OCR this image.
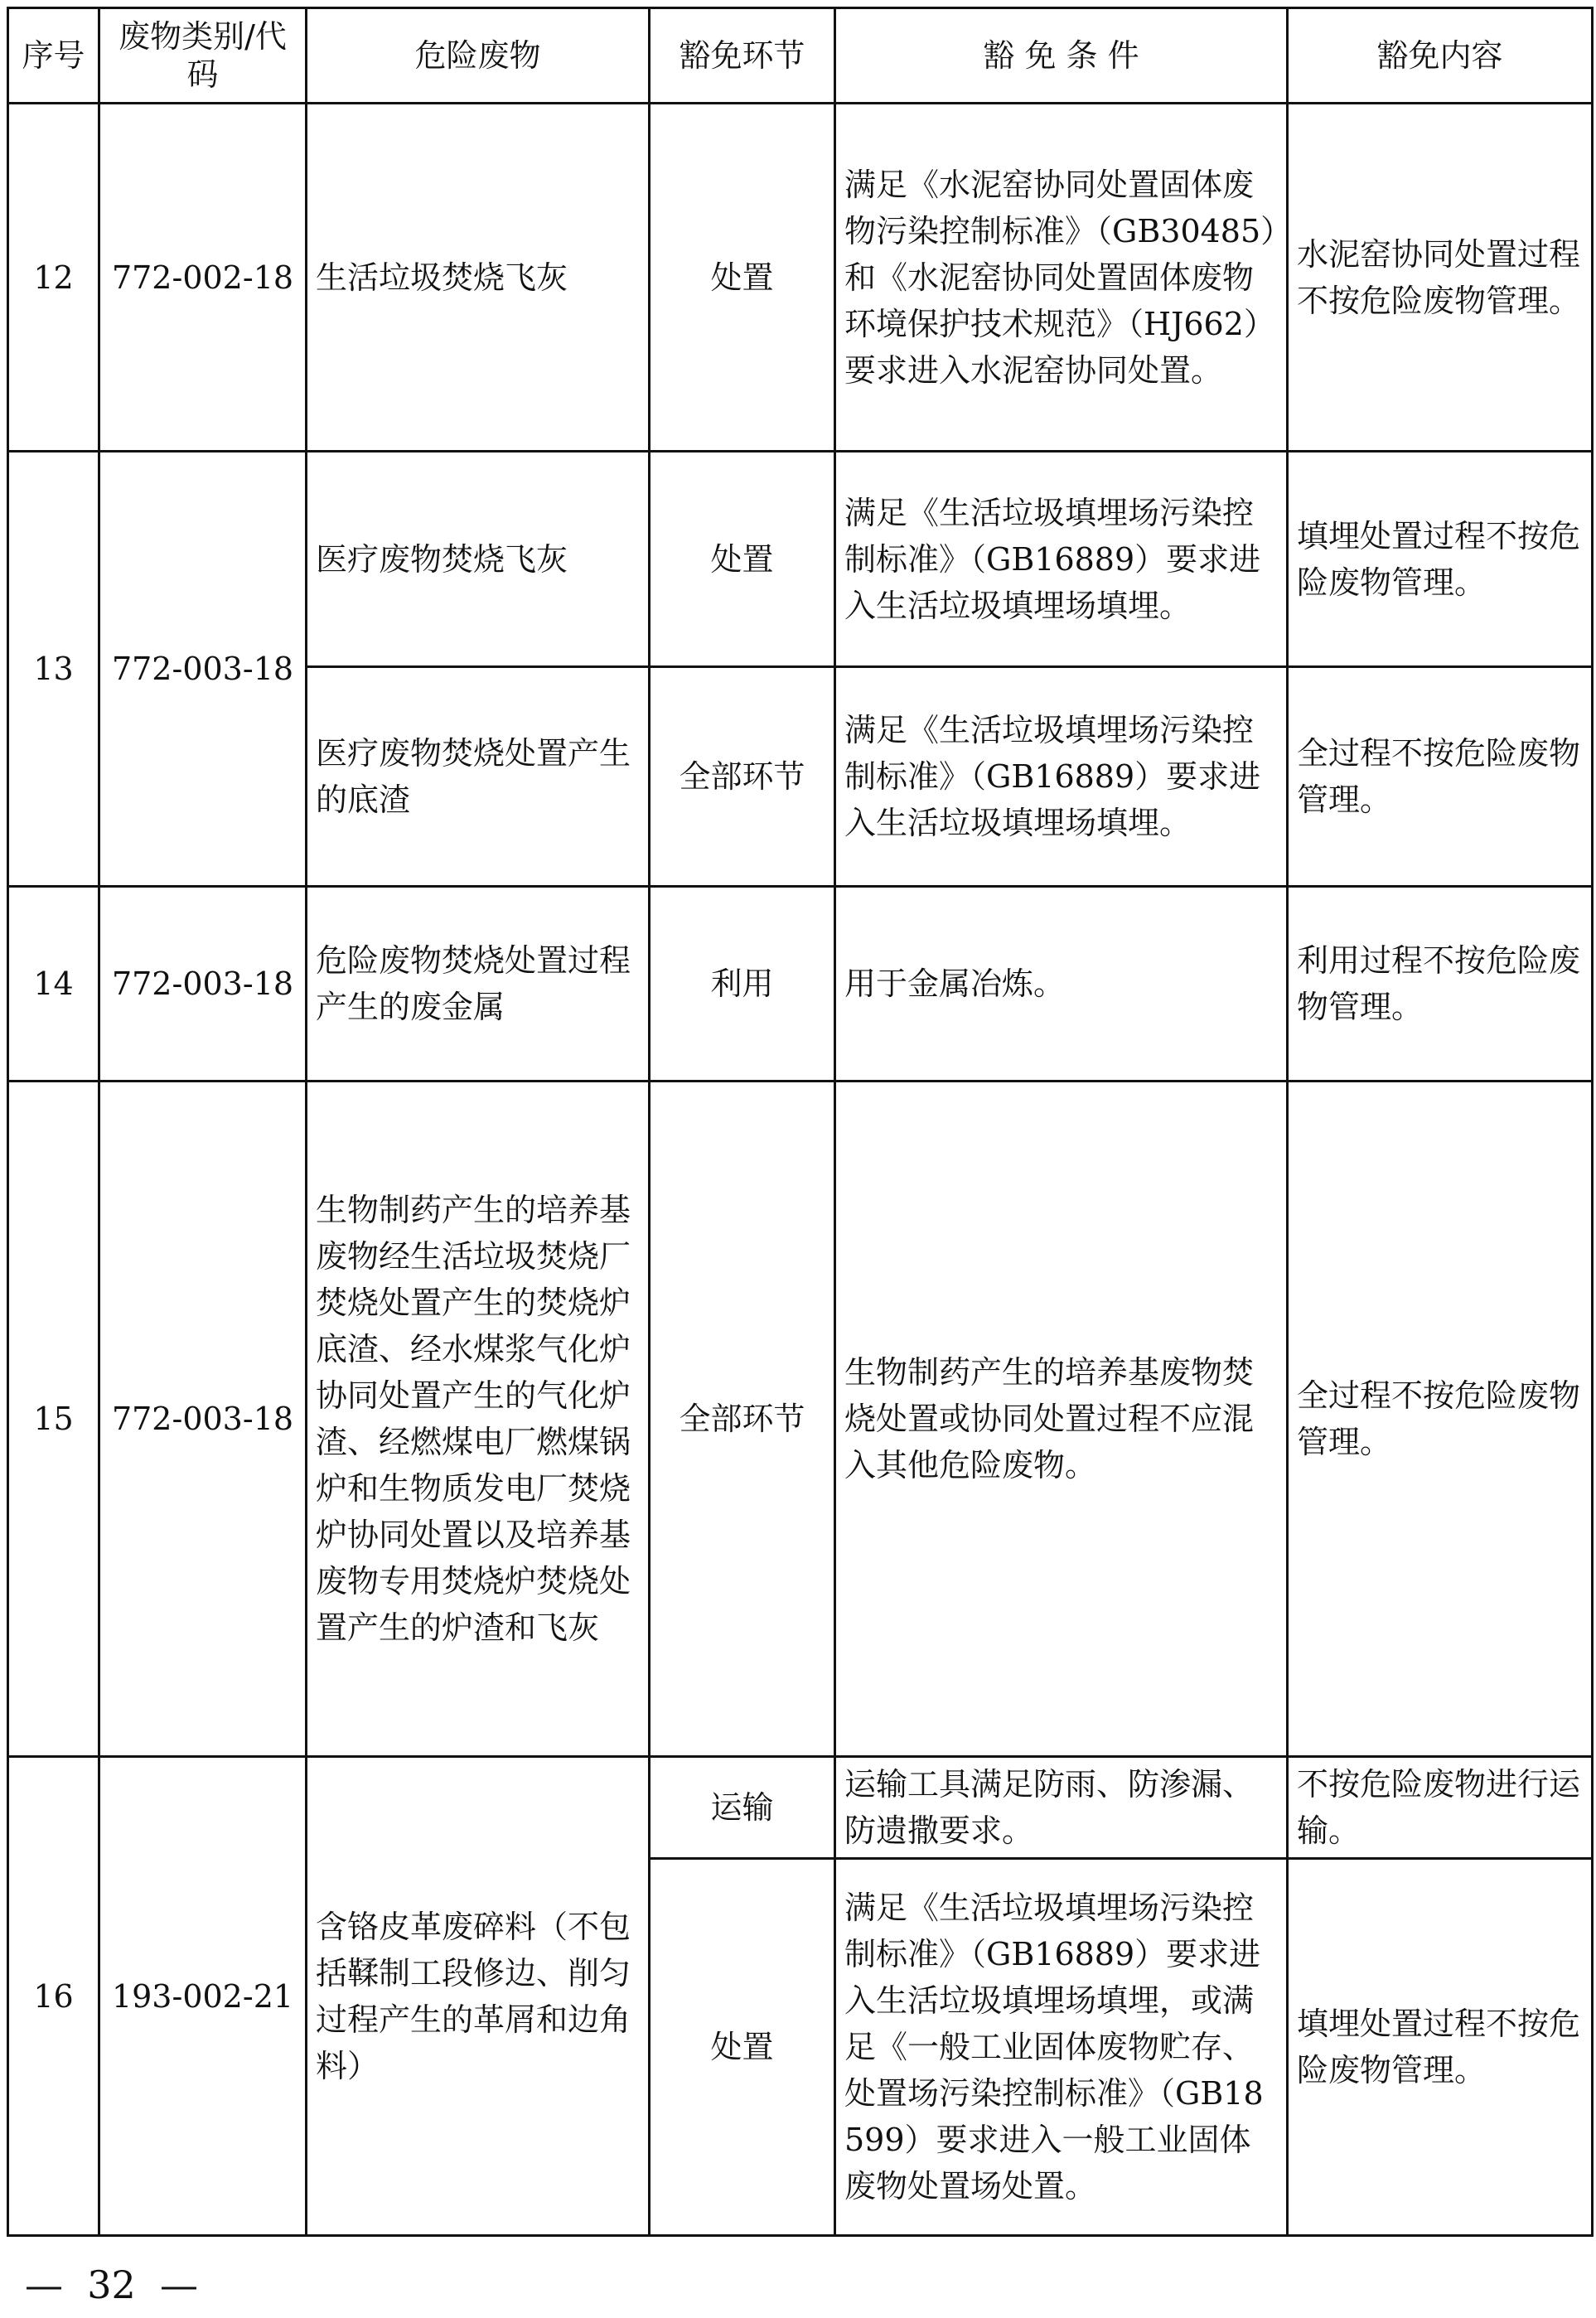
序号	废物类别/代码	危险废物	豁免环节	豁 免 条 件	豁免内容
12	772-002-18	生活垃圾焚烧飞灰	处置	满足《水泥窑协同处置固体废物污染控制标准》（GB30485）和《水泥窑协同处置固体废物环境保护技术规范》（HJ662）要求进入水泥窑协同处置。	水泥窑协同处置过程不按危险废物管理。
13	772-003-18	医疗废物焚烧飞灰	处置	满足《生活垃圾填埋场污染控制标准》（GB16889）要求进入生活垃圾填埋场填埋。	填埋处置过程不按危险废物管理。
		医疗废物焚烧处置产生的底渣	全部环节	满足《生活垃圾填埋场污染控制标准》（GB16889）要求进入生活垃圾填埋场填埋。	全过程不按危险废物管理。
14	772-003-18	危险废物焚烧处置过程产生的废金属	利用	用于金属冶炼。	利用过程不按危险废物管理。
15	772-003-18	生物制药产生的培养基废物经生活垃圾焚烧厂焚烧处置产生的焚烧炉底渣、经水煤浆气化炉协同处置产生的气化炉渣、经燃煤电厂燃煤锅炉和生物质发电厂焚烧炉协同处置以及培养基废物专用焚烧炉焚烧处置产生的炉渣和飞灰	全部环节	生物制药产生的培养基废物焚烧处置或协同处置过程不应混入其他危险废物。	全过程不按危险废物管理。
16	193-002-21	含铬皮革废碎料（不包括鞣制工段修边、削匀过程产生的革屑和边角料）	运输	运输工具满足防雨、防渗漏、防遗撒要求。	不按危险废物进行运输。
			处置	满足《生活垃圾填埋场污染控制标准》（GB16889）要求进入生活垃圾填埋场填埋，或满足《一般工业固体废物贮存、处置场污染控制标准》（GB18599）要求进入一般工业固体废物处置场处置。	填埋处置过程不按危险废物管理。
—  32  —
